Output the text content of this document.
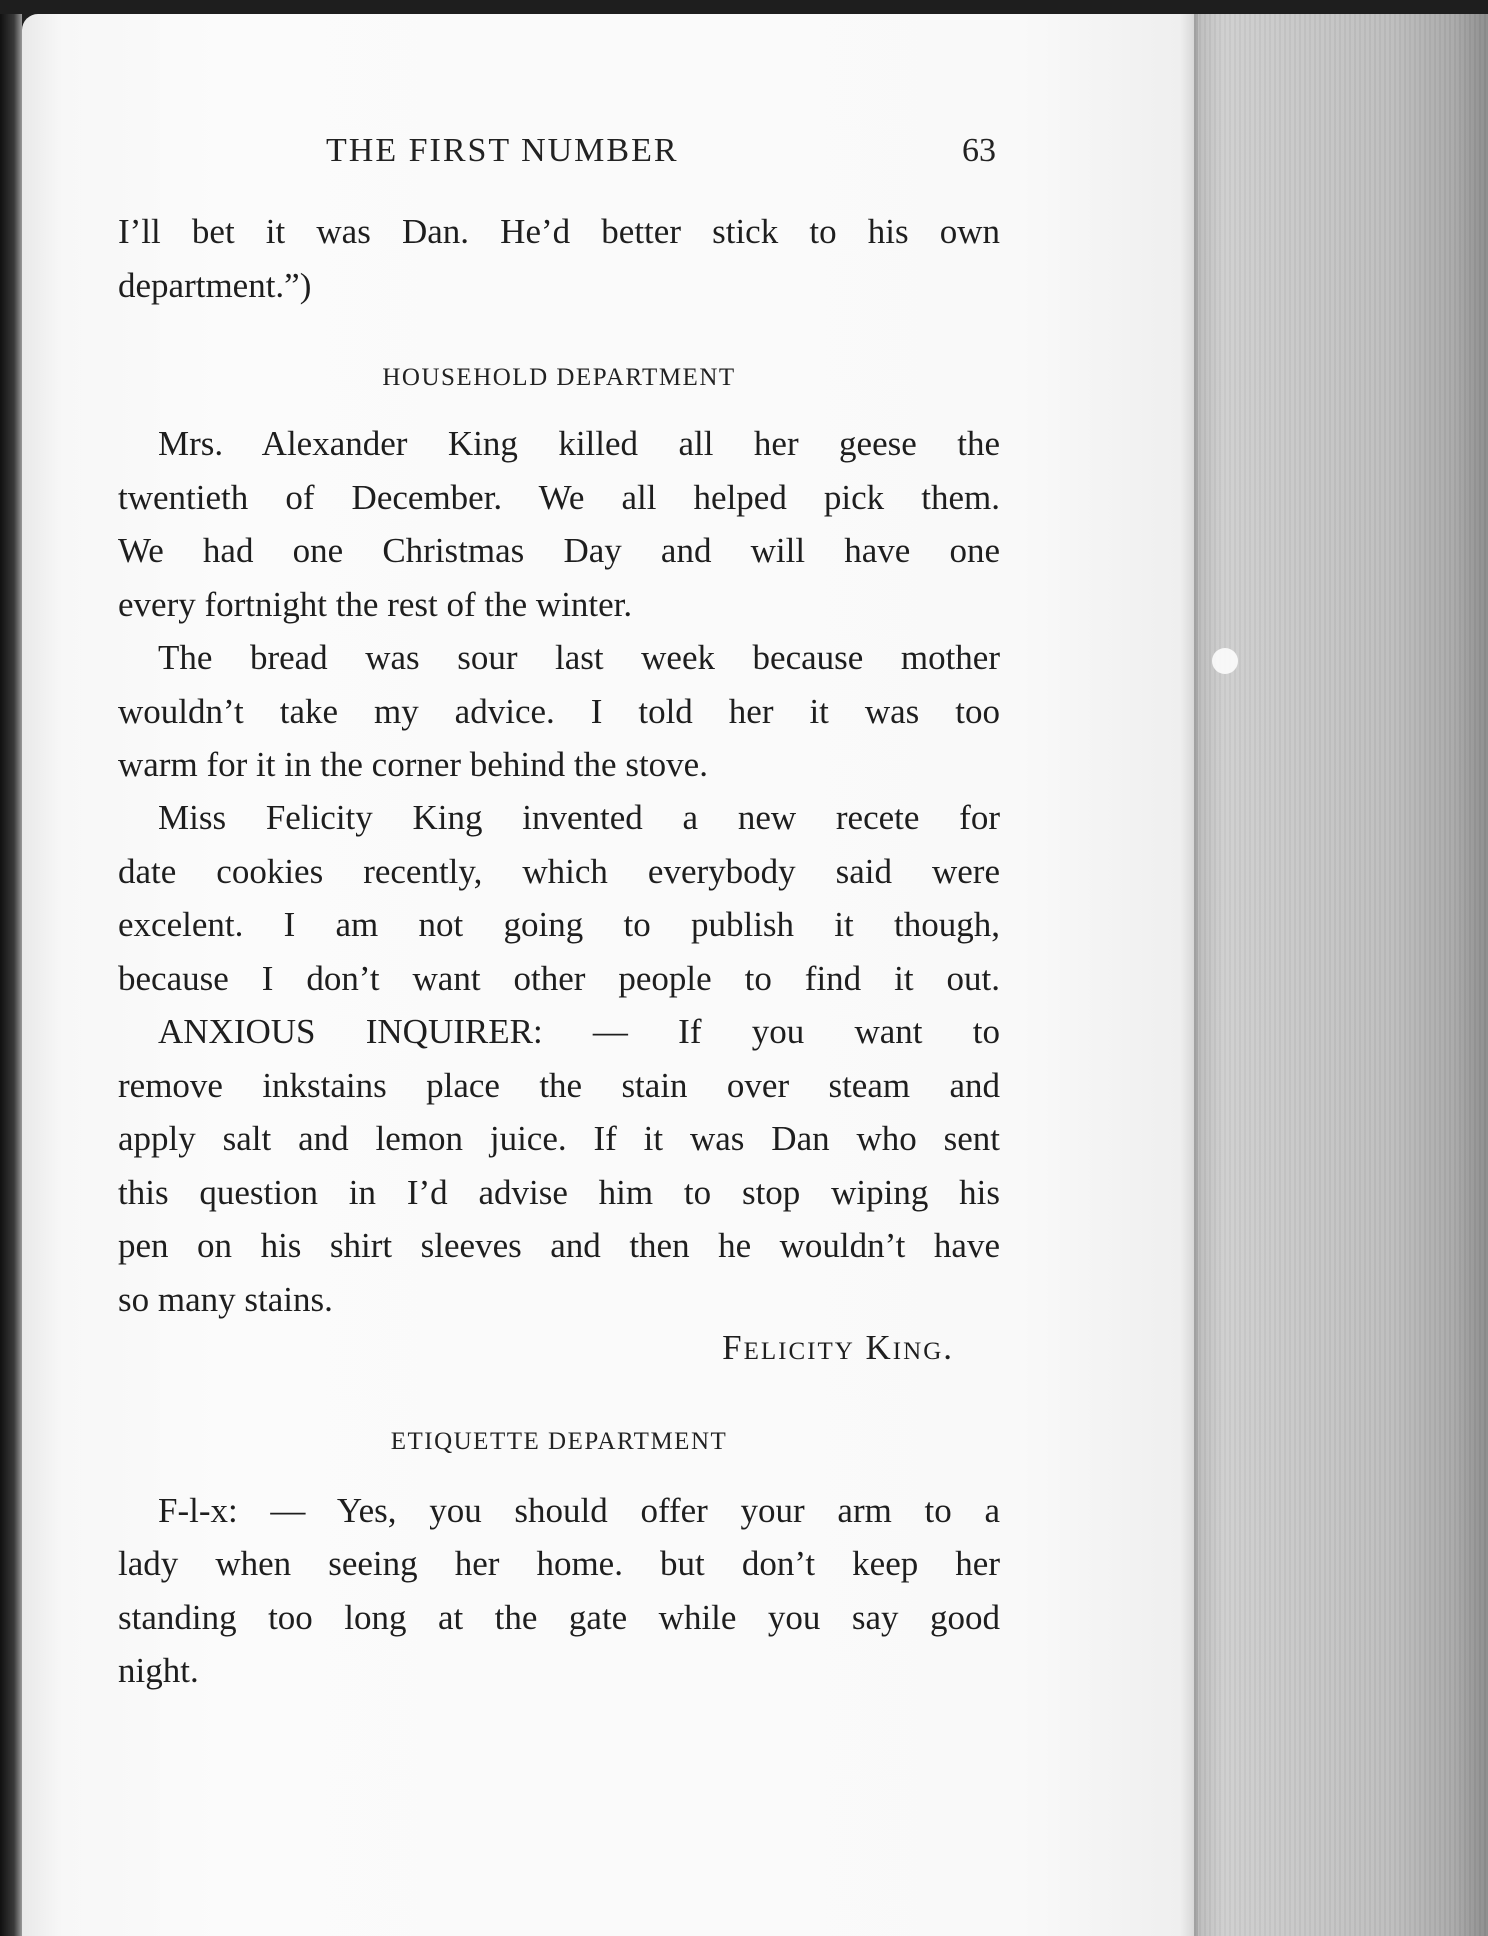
THE FIRST NUMBER	63
I’ll bet it was Dan. He’d better stick to his own
department.”)
HOUSEHOLD DEPARTMENT
Mrs. Alexander King killed all her geese the
twentieth of December. We all helped pick them.
We had one Christmas Day and will have one
every fortnight the rest of the winter.
The bread was sour last week because mother
wouldn’t take my advice. I told her it was too
warm for it in the corner behind the stove.
Miss Felicity King invented a new recete for
date cookies recently, which everybody said were
excelent. I am not going to publish it though,
because I don’t want other people to find it out.
ANXIOUS INQUIRER: — If you want to
remove inkstains place the stain over steam and
apply salt and lemon juice. If it was Dan who sent
this question in I’d advise him to stop wiping his
pen on his shirt sleeves and then he wouldn’t have
so many stains.
Felicity King.
ETIQUETTE DEPARTMENT
F-l-x: — Yes, you should offer your arm to a
lady when seeing her home. but don’t keep her
standing too long at the gate while you say good
night.
